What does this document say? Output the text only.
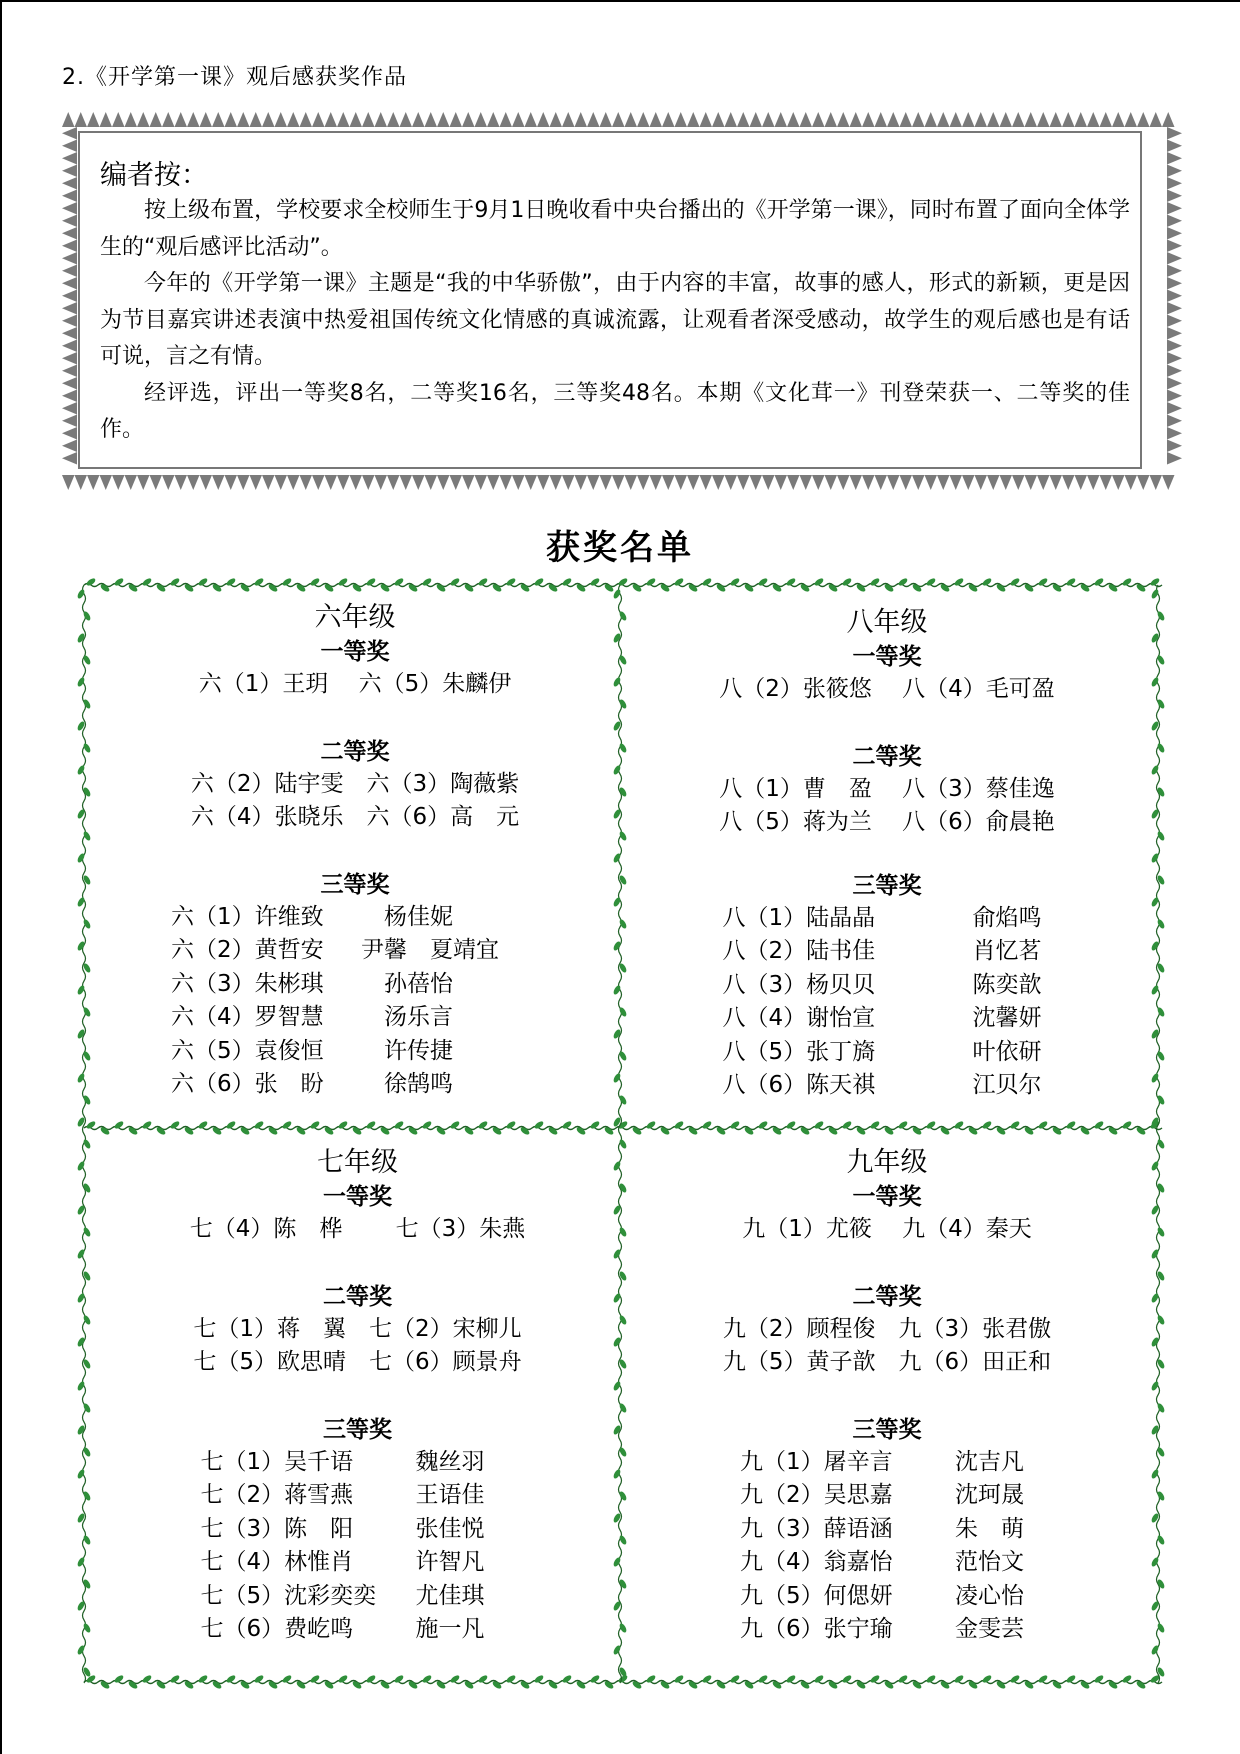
2.《开学第一课》观后感获奖作品
编者按：

按上级布置，学校要求全校师生于9月1日晚收看中央台播出的《开学第一课》，同时布置了面向全体学生的“观后感评比活动”。

今年的《开学第一课》主题是“我的中华骄傲”，由于内容的丰富，故事的感人，形式的新颖，更是因为节目嘉宾讲述表演中热爱祖国传统文化情感的真诚流露，让观看者深受感动，故学生的观后感也是有话可说，言之有情。

经评选，评出一等奖8名，二等奖16名，三等奖48名。本期《文化茸一》刊登荣获一、二等奖的佳作。

获奖名单
六年级
一等奖
六（1）王玥　 六（5）朱麟伊
二等奖
六（2）陆宇雯　六（3）陶薇紫
六（4）张晓乐　六（6）高　元
三等奖
六（1）许维致	　杨佳妮
六（2）黄哲安	尹馨　夏靖宜
六（3）朱彬琪	　孙蓓怡
六（4）罗智慧	　汤乐言
六（5）袁俊恒	　许传捷
六（6）张　盼	　徐鹄鸣
八年级
一等奖
八（2）张筱悠　 八（4）毛可盈
二等奖
八（1）曹　盈　 八（3）蔡佳逸
八（5）蒋为兰　 八（6）俞晨艳
三等奖
八（1）陆晶晶	俞焰鸣
八（2）陆书佳	肖忆茗
八（3）杨贝贝	陈奕歆
八（4）谢怡宣	沈馨妍
八（5）张丁旖	叶依研
八（6）陈天祺	江贝尔
七年级
一等奖
七（4）陈　桦　　 七（3）朱燕
二等奖
七（1）蒋　翼　七（2）宋柳儿
七（5）欧思晴　七（6）顾景舟
三等奖
七（1）吴千语	魏丝羽
七（2）蒋雪燕	王语佳
七（3）陈　阳	张佳悦
七（4）林惟肖	许智凡
七（5）沈彩奕奕	尤佳琪
七（6）费屹鸣	施一凡
九年级
一等奖
九（1）尤筱　 九（4）秦天
二等奖
九（2）顾程俊　九（3）张君傲
九（5）黄子歆　九（6）田正和
三等奖
九（1）屠辛言	沈吉凡
九（2）吴思嘉	沈珂晟
九（3）薛语涵	朱　萌
九（4）翁嘉怡	范怡文
九（5）何偲妍	凌心怡
九（6）张宁瑜	金雯芸
